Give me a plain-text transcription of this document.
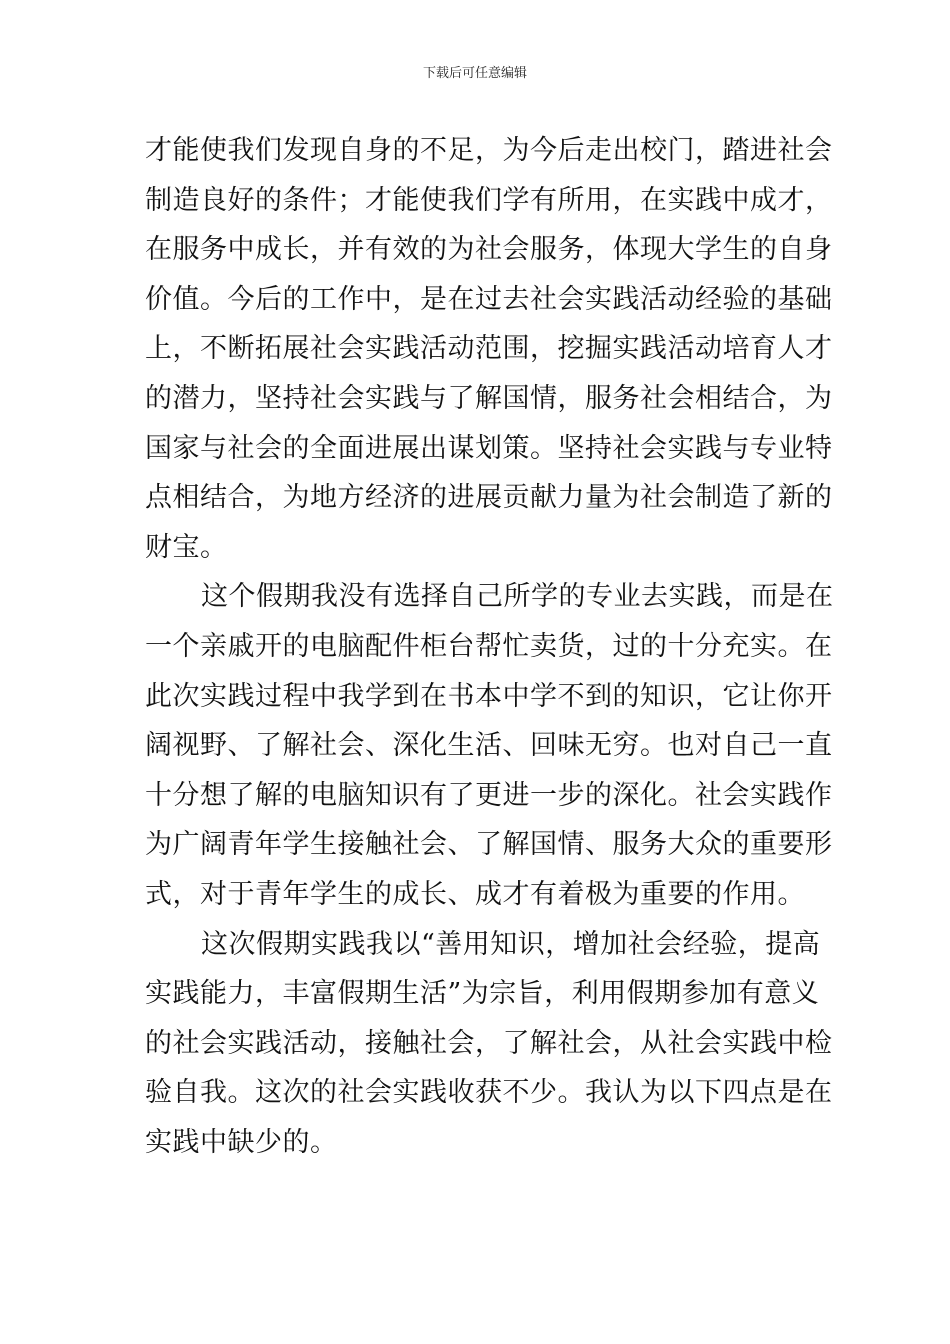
下载后可任意编辑
才能使我们发现自身的不足，为今后走出校门，踏进社会
制造良好的条件；才能使我们学有所用，在实践中成才，
在服务中成长，并有效的为社会服务，体现大学生的自身
价值。今后的工作中，是在过去社会实践活动经验的基础
上，不断拓展社会实践活动范围，挖掘实践活动培育人才
的潜力，坚持社会实践与了解国情，服务社会相结合，为
国家与社会的全面进展出谋划策。坚持社会实践与专业特
点相结合，为地方经济的进展贡献力量为社会制造了新的
财宝。
这个假期我没有选择自己所学的专业去实践，而是在
一个亲戚开的电脑配件柜台帮忙卖货，过的十分充实。在
此次实践过程中我学到在书本中学不到的知识，它让你开
阔视野、了解社会、深化生活、回味无穷。也对自己一直
十分想了解的电脑知识有了更进一步的深化。社会实践作
为广阔青年学生接触社会、了解国情、服务大众的重要形
式，对于青年学生的成长、成才有着极为重要的作用。
这次假期实践我以“善用知识，增加社会经验，提高
实践能力，丰富假期生活”为宗旨，利用假期参加有意义
的社会实践活动，接触社会，了解社会，从社会实践中检
验自我。这次的社会实践收获不少。我认为以下四点是在
实践中缺少的。
